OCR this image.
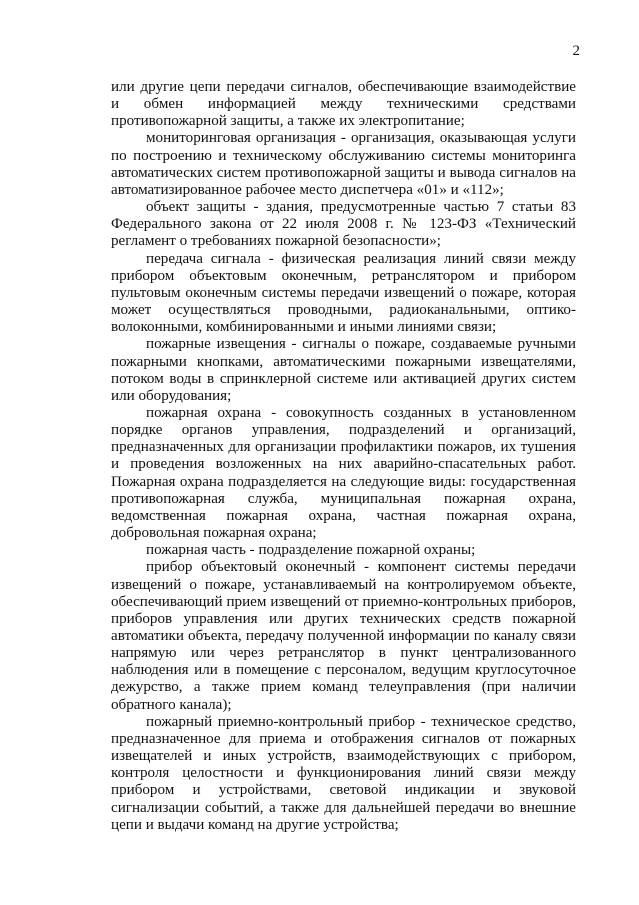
2

или другие цепи передачи сигналов, обеспечивающие взаимодействие и обмен информацией между техническими средствами противопожарной защиты, а также их электропитание;

мониторинговая организация - организация, оказывающая услуги по построению и техническому обслуживанию системы мониторинга автоматических систем противопожарной защиты и вывода сигналов на автоматизированное рабочее место диспетчера «01» и «112»;

объект защиты - здания, предусмотренные частью 7 статьи 83 Федерального закона от 22 июля 2008 г. № 123-ФЗ «Технический регламент о требованиях пожарной безопасности»;

передача сигнала - физическая реализация линий связи между прибором объектовым оконечным, ретранслятором и прибором пультовым оконечным системы передачи извещений о пожаре, которая может осуществляться проводными, радиоканальными, оптико-волоконными, комбинированными и иными линиями связи;

пожарные извещения - сигналы о пожаре, создаваемые ручными пожарными кнопками, автоматическими пожарными извещателями, потоком воды в спринклерной системе или активацией других систем или оборудования;

пожарная охрана - совокупность созданных в установленном порядке органов управления, подразделений и организаций, предназначенных для организации профилактики пожаров, их тушения и проведения возложенных на них аварийно-спасательных работ. Пожарная охрана подразделяется на следующие виды: государственная противопожарная служба, муниципальная пожарная охрана, ведомственная пожарная охрана, частная пожарная охрана, добровольная пожарная охрана;

пожарная часть - подразделение пожарной охраны;

прибор объектовый оконечный - компонент системы передачи извещений о пожаре, устанавливаемый на контролируемом объекте, обеспечивающий прием извещений от приемно-контрольных приборов, приборов управления или других технических средств пожарной автоматики объекта, передачу полученной информации по каналу связи напрямую или через ретранслятор в пункт централизованного наблюдения или в помещение с персоналом, ведущим круглосуточное дежурство, а также прием команд телеуправления (при наличии обратного канала);

пожарный приемно-контрольный прибор - техническое средство, предназначенное для приема и отображения сигналов от пожарных извещателей и иных устройств, взаимодействующих с прибором, контроля целостности и функционирования линий связи между прибором и устройствами, световой индикации и звуковой сигнализации событий, а также для дальнейшей передачи во внешние цепи и выдачи команд на другие устройства;
